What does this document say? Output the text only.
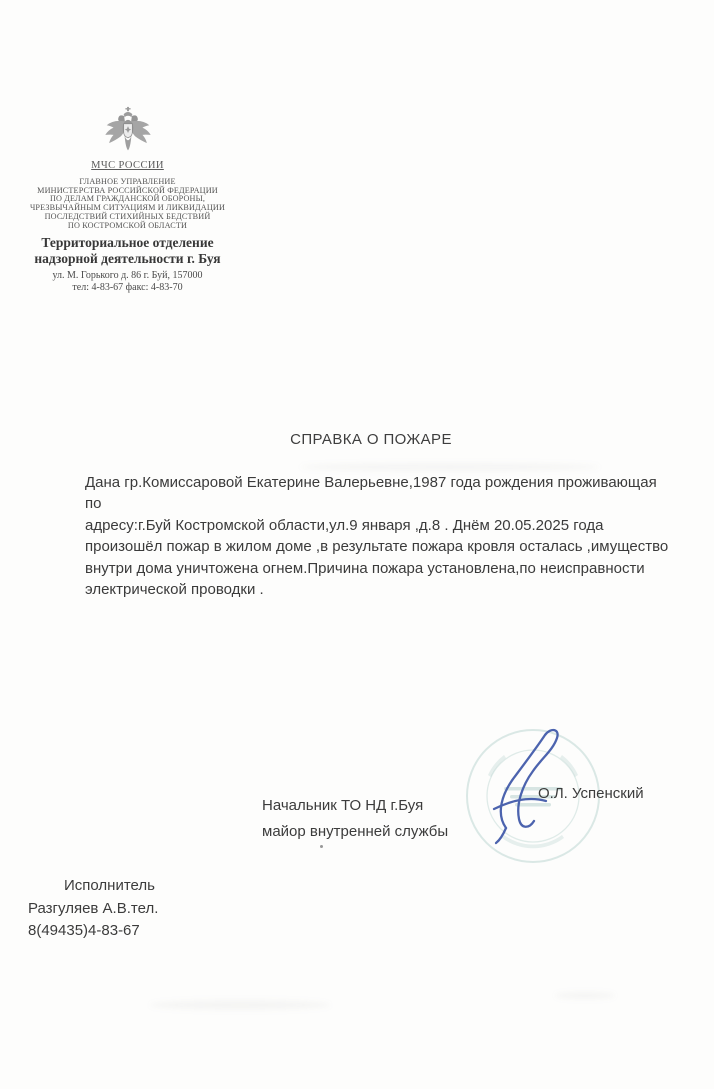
МЧС РОССИИ
ГЛАВНОЕ УПРАВЛЕНИЕ
МИНИСТЕРСТВА РОССИЙСКОЙ ФЕДЕРАЦИИ
ПО ДЕЛАМ ГРАЖДАНСКОЙ ОБОРОНЫ,
ЧРЕЗВЫЧАЙНЫМ СИТУАЦИЯМ И ЛИКВИДАЦИИ
ПОСЛЕДСТВИЙ СТИХИЙНЫХ БЕДСТВИЙ
ПО КОСТРОМСКОЙ ОБЛАСТИ
Территориальное отделение
надзорной деятельности г. Буя
ул. М. Горького д. 86 г. Буй, 157000
тел: 4-83-67 факс: 4-83-70
СПРАВКА О ПОЖАРЕ
Дана гр.Комиссаровой Екатерине Валерьевне,1987 года рождения проживающая по
адресу:г.Буй Костромской области,ул.9 января ,д.8 . Днём 20.05.2025 года
произошёл пожар в жилом доме ,в результате пожара кровля осталась ,имущество
внутри дома уничтожена огнем.Причина пожара установлена,по неисправности
электрической проводки .
Начальник ТО НД г.Буя
майор внутренней службы
О.Л. Успенский
Исполнитель
Разгуляев А.В.тел.
8(49435)4-83-67
